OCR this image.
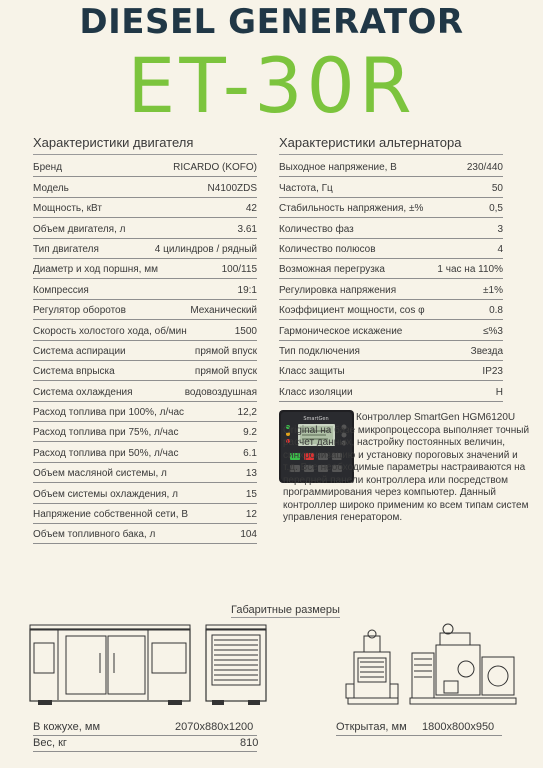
DIESEL GENERATOR
ET-30R
Характеристики двигателя
Бренд	RICARDO (KOFO)
Модель	N4100ZDS
Мощность, кВт	42
Объем двигателя, л	3.61
Тип двигателя	4 цилиндров / рядный
Диаметр и ход поршня, мм	100/115
Компрессия	19:1
Регулятор оборотов	Механический
Скорость холостого хода, об/мин	1500
Система аспирации	прямой впуск
Система впрыска	прямой впуск
Система охлаждения	водовоздушная
Расход топлива при 100%, л/час	12,2
Расход топлива при 75%, л/час	9.2
Расход топлива при 50%, л/час	6.1
Объем масляной системы, л	13
Объем системы охлаждения, л	15
Напряжение собственной сети, В	12
Объем топливного бака, л	104
Характеристики альтернатора
Выходное напряжение, В	230/440
Частота, Гц	50
Стабильность напряжения, ±%	0,5
Количество фаз	3
Количество полюсов	4
Возможная перегрузка	1 час на 110%
Регулировка напряжения	±1%
Коэффициент мощности, cos φ	0.8
Гармоническое искажение	≤%3
Тип подключения	Звезда
Класс защиты	IP23
Класс изоляции	H
SmartGen	Контроллер SmartGen HGM6120U Original на базе микропроцессора выполняет точный расчет данных, настройку постоянных величин, синхронизацию и установку пороговых значений и т.д. Все необходимые параметры настраиваются на передней панели контроллера или посредством программирования через компьютер. Данный контроллер широко применим ко всем типам систем управления генератором.
Габаритные размеры
В кожухе, мм	2070x880x1200
Вес, кг	810
Открытая, мм 1800x800x950
